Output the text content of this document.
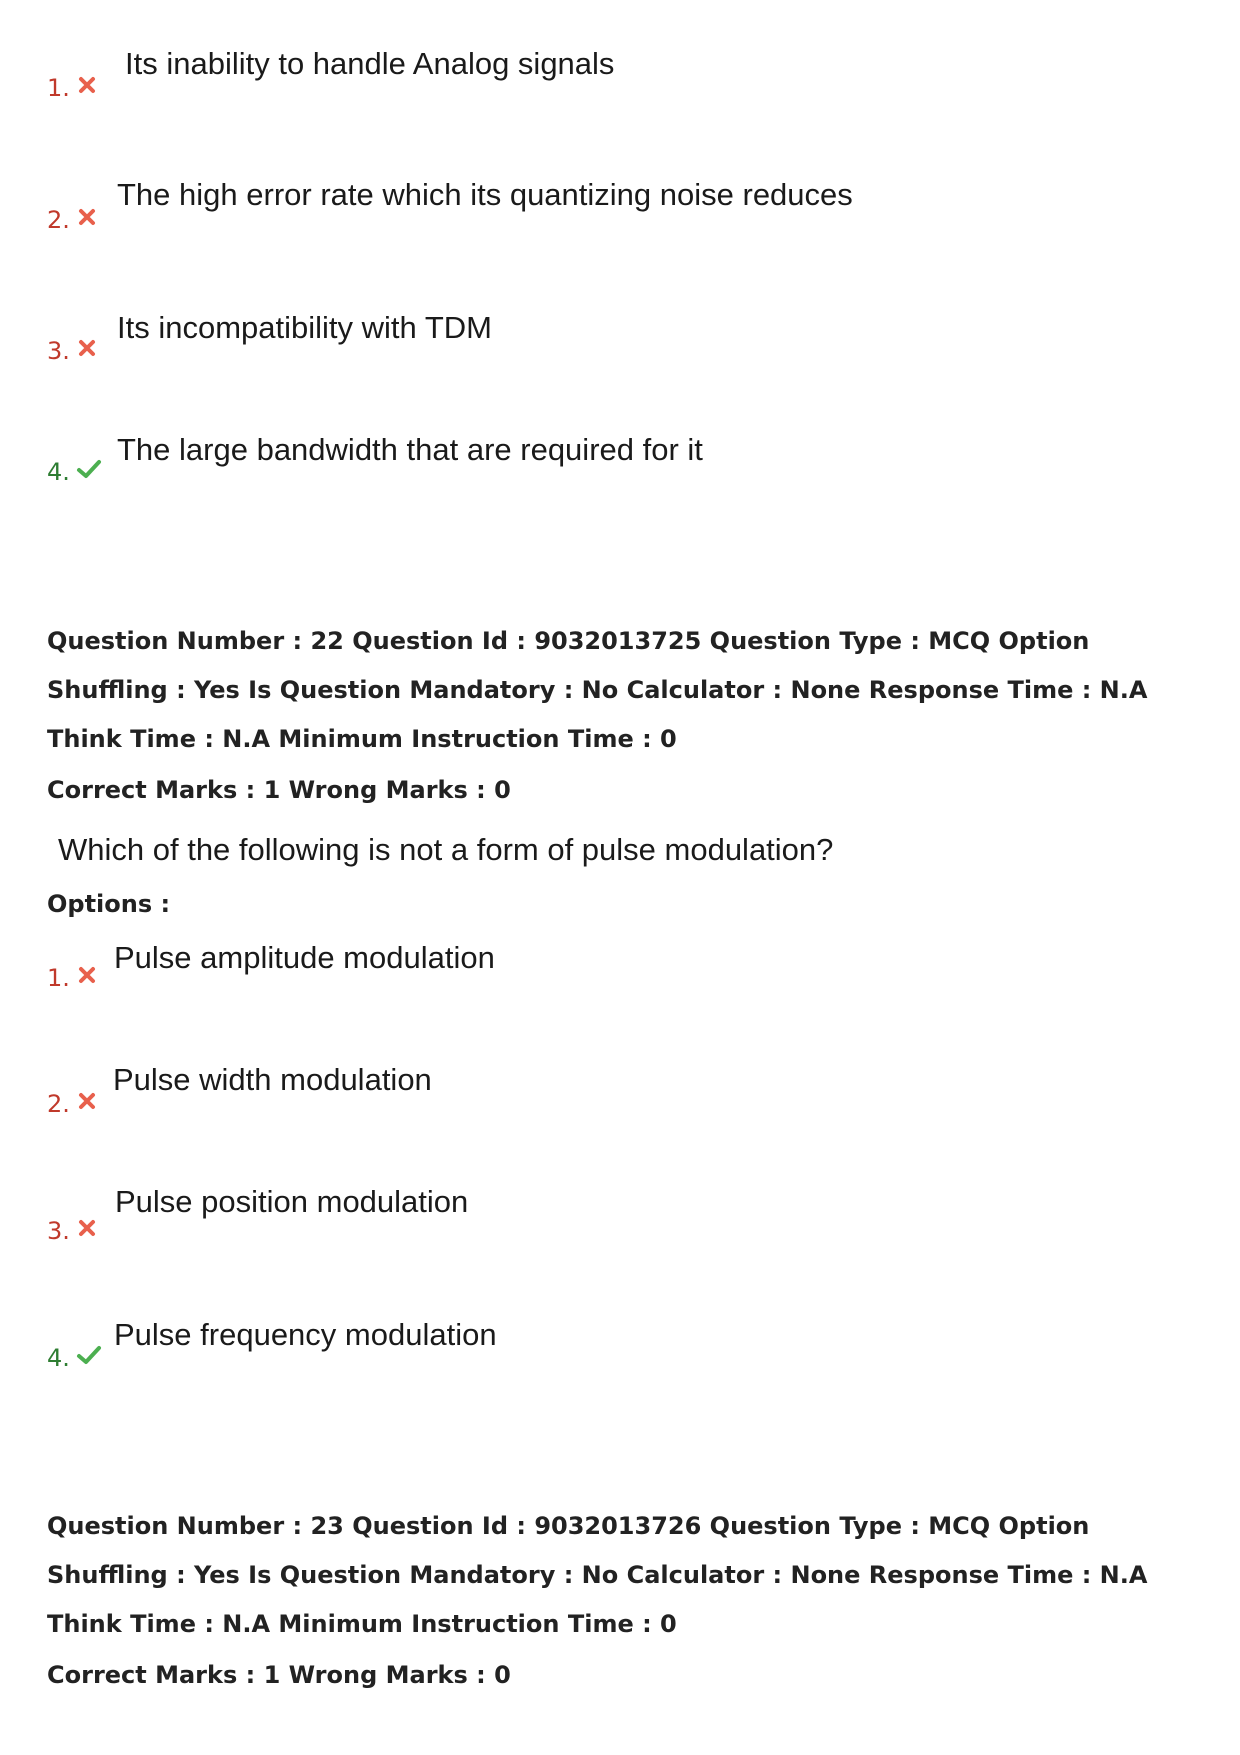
1.
Its inability to handle Analog signals
2.
The high error rate which its quantizing noise reduces
3.
Its incompatibility with TDM
4.
The large bandwidth that are required for it
Question Number : 22 Question Id : 9032013725 Question Type : MCQ Option Shuffling : Yes Is Question Mandatory : No Calculator : None Response Time : N.A Think Time : N.A Minimum Instruction Time : 0
Correct Marks : 1 Wrong Marks : 0
Which of the following is not a form of pulse modulation?
Options :
1.
Pulse amplitude modulation
2.
Pulse width modulation
3.
Pulse position modulation
4.
Pulse frequency modulation
Question Number : 23 Question Id : 9032013726 Question Type : MCQ Option Shuffling : Yes Is Question Mandatory : No Calculator : None Response Time : N.A Think Time : N.A Minimum Instruction Time : 0
Correct Marks : 1 Wrong Marks : 0
